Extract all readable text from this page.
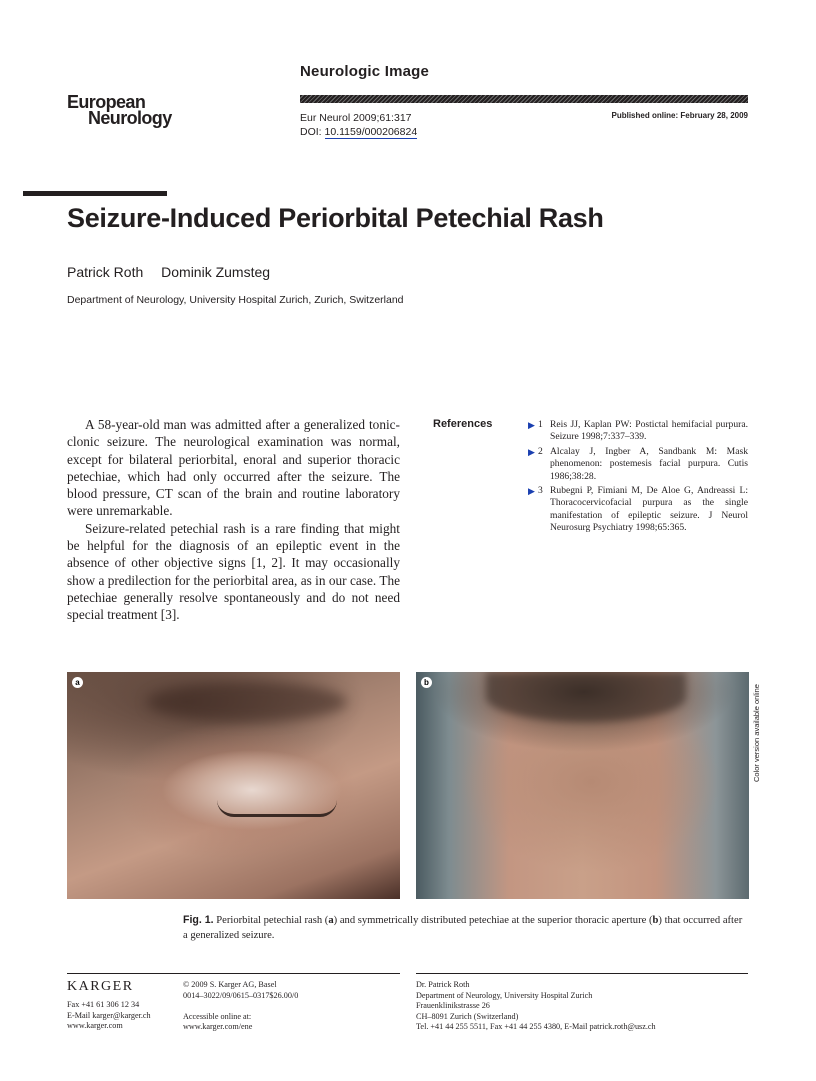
Neurologic Image
European
Neurology	Eur Neurol 2009;61:317
DOI: 10.1159/000206824
Published online: February 28, 2009
Seizure-Induced Periorbital Petechial Rash
Patrick Roth Dominik Zumsteg
Department of Neurology, University Hospital Zurich, Zurich, Switzerland

A 58-year-old man was admitted after a generalized tonic-clonic seizure. The neurological examination was normal, except for bilateral periorbital, enoral and superior thoracic petechiae, which had only occurred after the seizure. The blood pressure, CT scan of the brain and routine laboratory were unremarkable.

Seizure-related petechial rash is a rare finding that might be helpful for the diagnosis of an epileptic event in the absence of other objective signs [1, 2]. It may occasionally show a predilection for the periorbital area, as in our case. The petechiae generally resolve spontaneously and do not need special treatment [3].

References	▶ 1 Reis JJ, Kaplan PW: Postictal hemifacial purpura. Seizure 1998;7:337–339.
▶ 2 Alcalay J, Ingber A, Sandbank M: Mask phenomenon: postemesis facial purpura. Cutis 1986;38:28.
▶ 3 Rubegni P, Fimiani M, De Aloe G, Andreassi L: Thoracocervicofacial purpura as the single manifestation of epileptic seizure. J Neurol Neurosurg Psychiatry 1998;65:365.
a	b
Color version available online
Fig. 1. Periorbital petechial rash (a) and symmetrically distributed petechiae at the superior thoracic aperture (b) that occurred after a generalized seizure.
KARGER
Fax +41 61 306 12 34
E-Mail karger@karger.ch
www.karger.com
© 2009 S. Karger AG, Basel
0014–3022/09/0615–0317$26.00/0
Accessible online at:
www.karger.com/ene
Dr. Patrick Roth
Department of Neurology, University Hospital Zurich
Frauenklinikstrasse 26
CH–8091 Zurich (Switzerland)
Tel. +41 44 255 5511, Fax +41 44 255 4380, E-Mail patrick.roth@usz.ch
